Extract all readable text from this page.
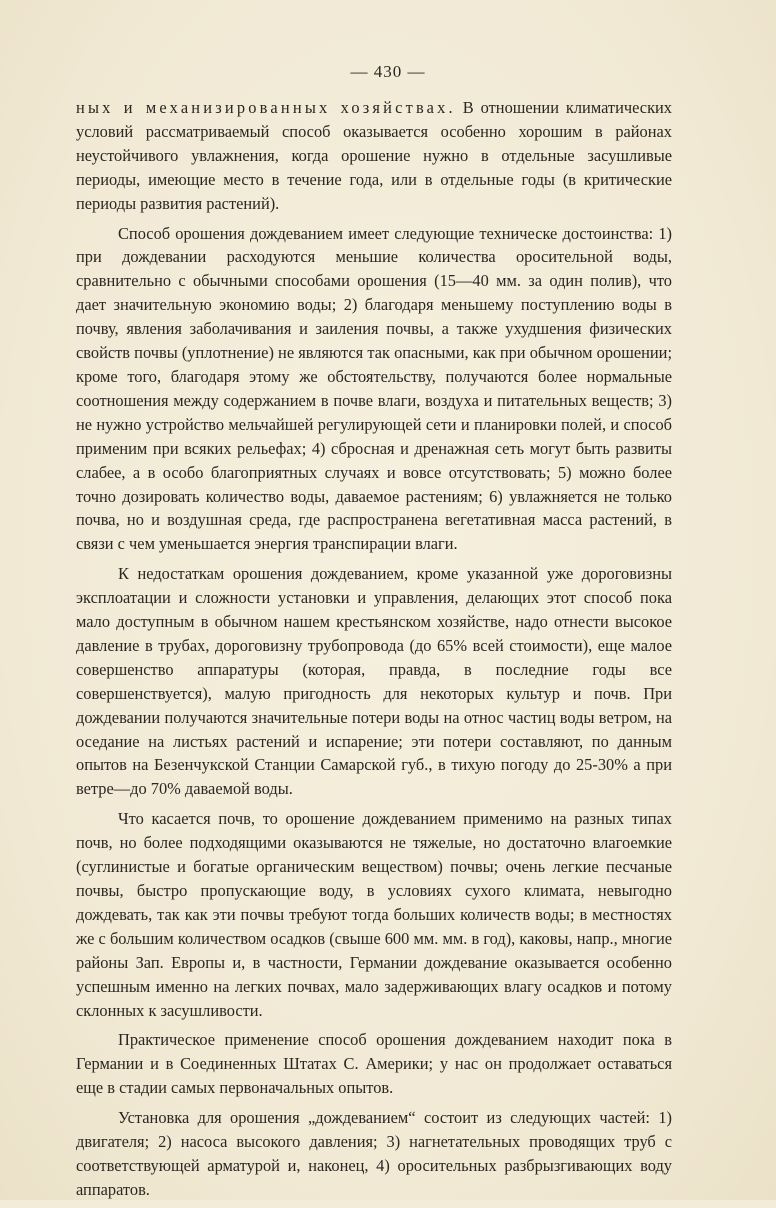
— 430 —

ных и механизированных хозяйствах. В отношении климатических условий рассматриваемый способ оказывается особенно хорошим в районах неустойчивого увлажнения, когда орошение нужно в отдельные засушливые периоды, имеющие место в течение года, или в отдельные годы (в критические периоды развития растений).

Способ орошения дождеванием имеет следующие техническе достоинства: 1) при дождевании расходуются меньшие количества оросительной воды, сравнительно с обычными способами орошения (15—40 мм. за один полив), что дает значительную экономию воды; 2) благодаря меньшему поступлению воды в почву, явления заболачивания и заиления почвы, а также ухудшения физических свойств почвы (уплотнение) не являются так опасными, как при обычном орошении; кроме того, благодаря этому же обстоятельству, получаются более нормальные соотношения между содержанием в почве влаги, воздуха и питательных веществ; 3) не нужно устройство мельчайшей регулирующей сети и планировки полей, и способ применим при всяких рельефах; 4) сбросная и дренажная сеть могут быть развиты слабее, а в особо благоприятных случаях и вовсе отсутствовать; 5) можно более точно дозировать количество воды, даваемое растениям; 6) увлажняется не только почва, но и воздушная среда, где распространена вегетативная масса растений, в связи с чем уменьшается энергия транспирации влаги.

К недостаткам орошения дождеванием, кроме указанной уже дороговизны эксплоатации и сложности установки и управления, делающих этот способ пока мало доступным в обычном нашем крестьянском хозяйстве, надо отнести высокое давление в трубах, дороговизну трубопровода (до 65% всей стоимости), еще малое совершенство аппаратуры (которая, правда, в последние годы все совершенствуется), малую пригодность для некоторых культур и почв. При дождевании получаются значительные потери воды на относ частиц воды ветром, на оседание на листьях растений и испарение; эти потери составляют, по данным опытов на Безенчукской Станции Самарской губ., в тихую погоду до 25-30% а при ветре—до 70% даваемой воды.

Что касается почв, то орошение дождеванием применимо на разных типах почв, но более подходящими оказываются не тяжелые, но достаточно влагоемкие (суглинистые и богатые органическим веществом) почвы; очень легкие песчаные почвы, быстро пропускающие воду, в условиях сухого климата, невыгодно дождевать, так как эти почвы требуют тогда больших количеств воды; в местностях же с большим количеством осадков (свыше 600 мм. мм. в год), каковы, напр., многие районы Зап. Европы и, в частности, Германии дождевание оказывается особенно успешным именно на легких почвах, мало задерживающих влагу осадков и потому склонных к засушливости.

Практическое применение способ орошения дождеванием находит пока в Германии и в Соединенных Штатах С. Америки; у нас он продолжает оставаться еще в стадии самых первоначальных опытов.

Установка для орошения „дождеванием“ состоит из следующих частей: 1) двигателя; 2) насоса высокого давления; 3) нагнетательных проводящих труб с соответствующей арматурой и, наконец, 4) оросительных разбрызгивающих воду аппаратов.
